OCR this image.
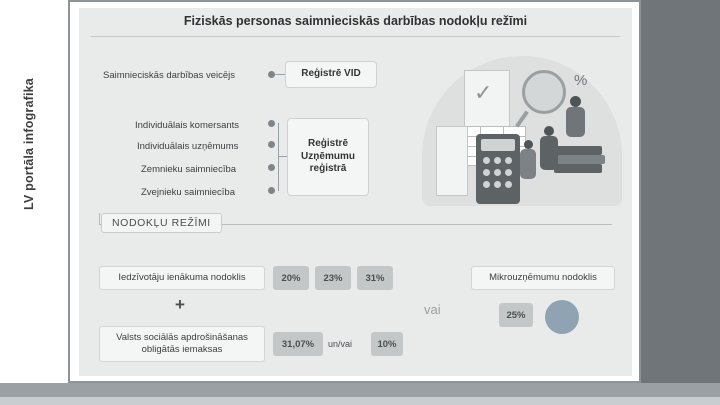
LV portāla infografika
Fiziskās personas saimnieciskās darbības nodokļu režīmi
Saimnieciskās darbības veicējs	Reģistrē VID
Individuālais komersants
Individuālais uzņēmums
Zemnieku saimniecība
Zvejnieku saimniecība
Reģistrē
Uzņēmumu
reģistrā
✓	%
NODOKĻU REŽĪMI
Iedzīvotāju ienākuma nodoklis	20%	23%	31%
+
Valsts sociālās apdrošināšanas obligātās iemaksas	31,07%	un/vai	10%
vai
Mikrouzņēmumu nodoklis
25%
